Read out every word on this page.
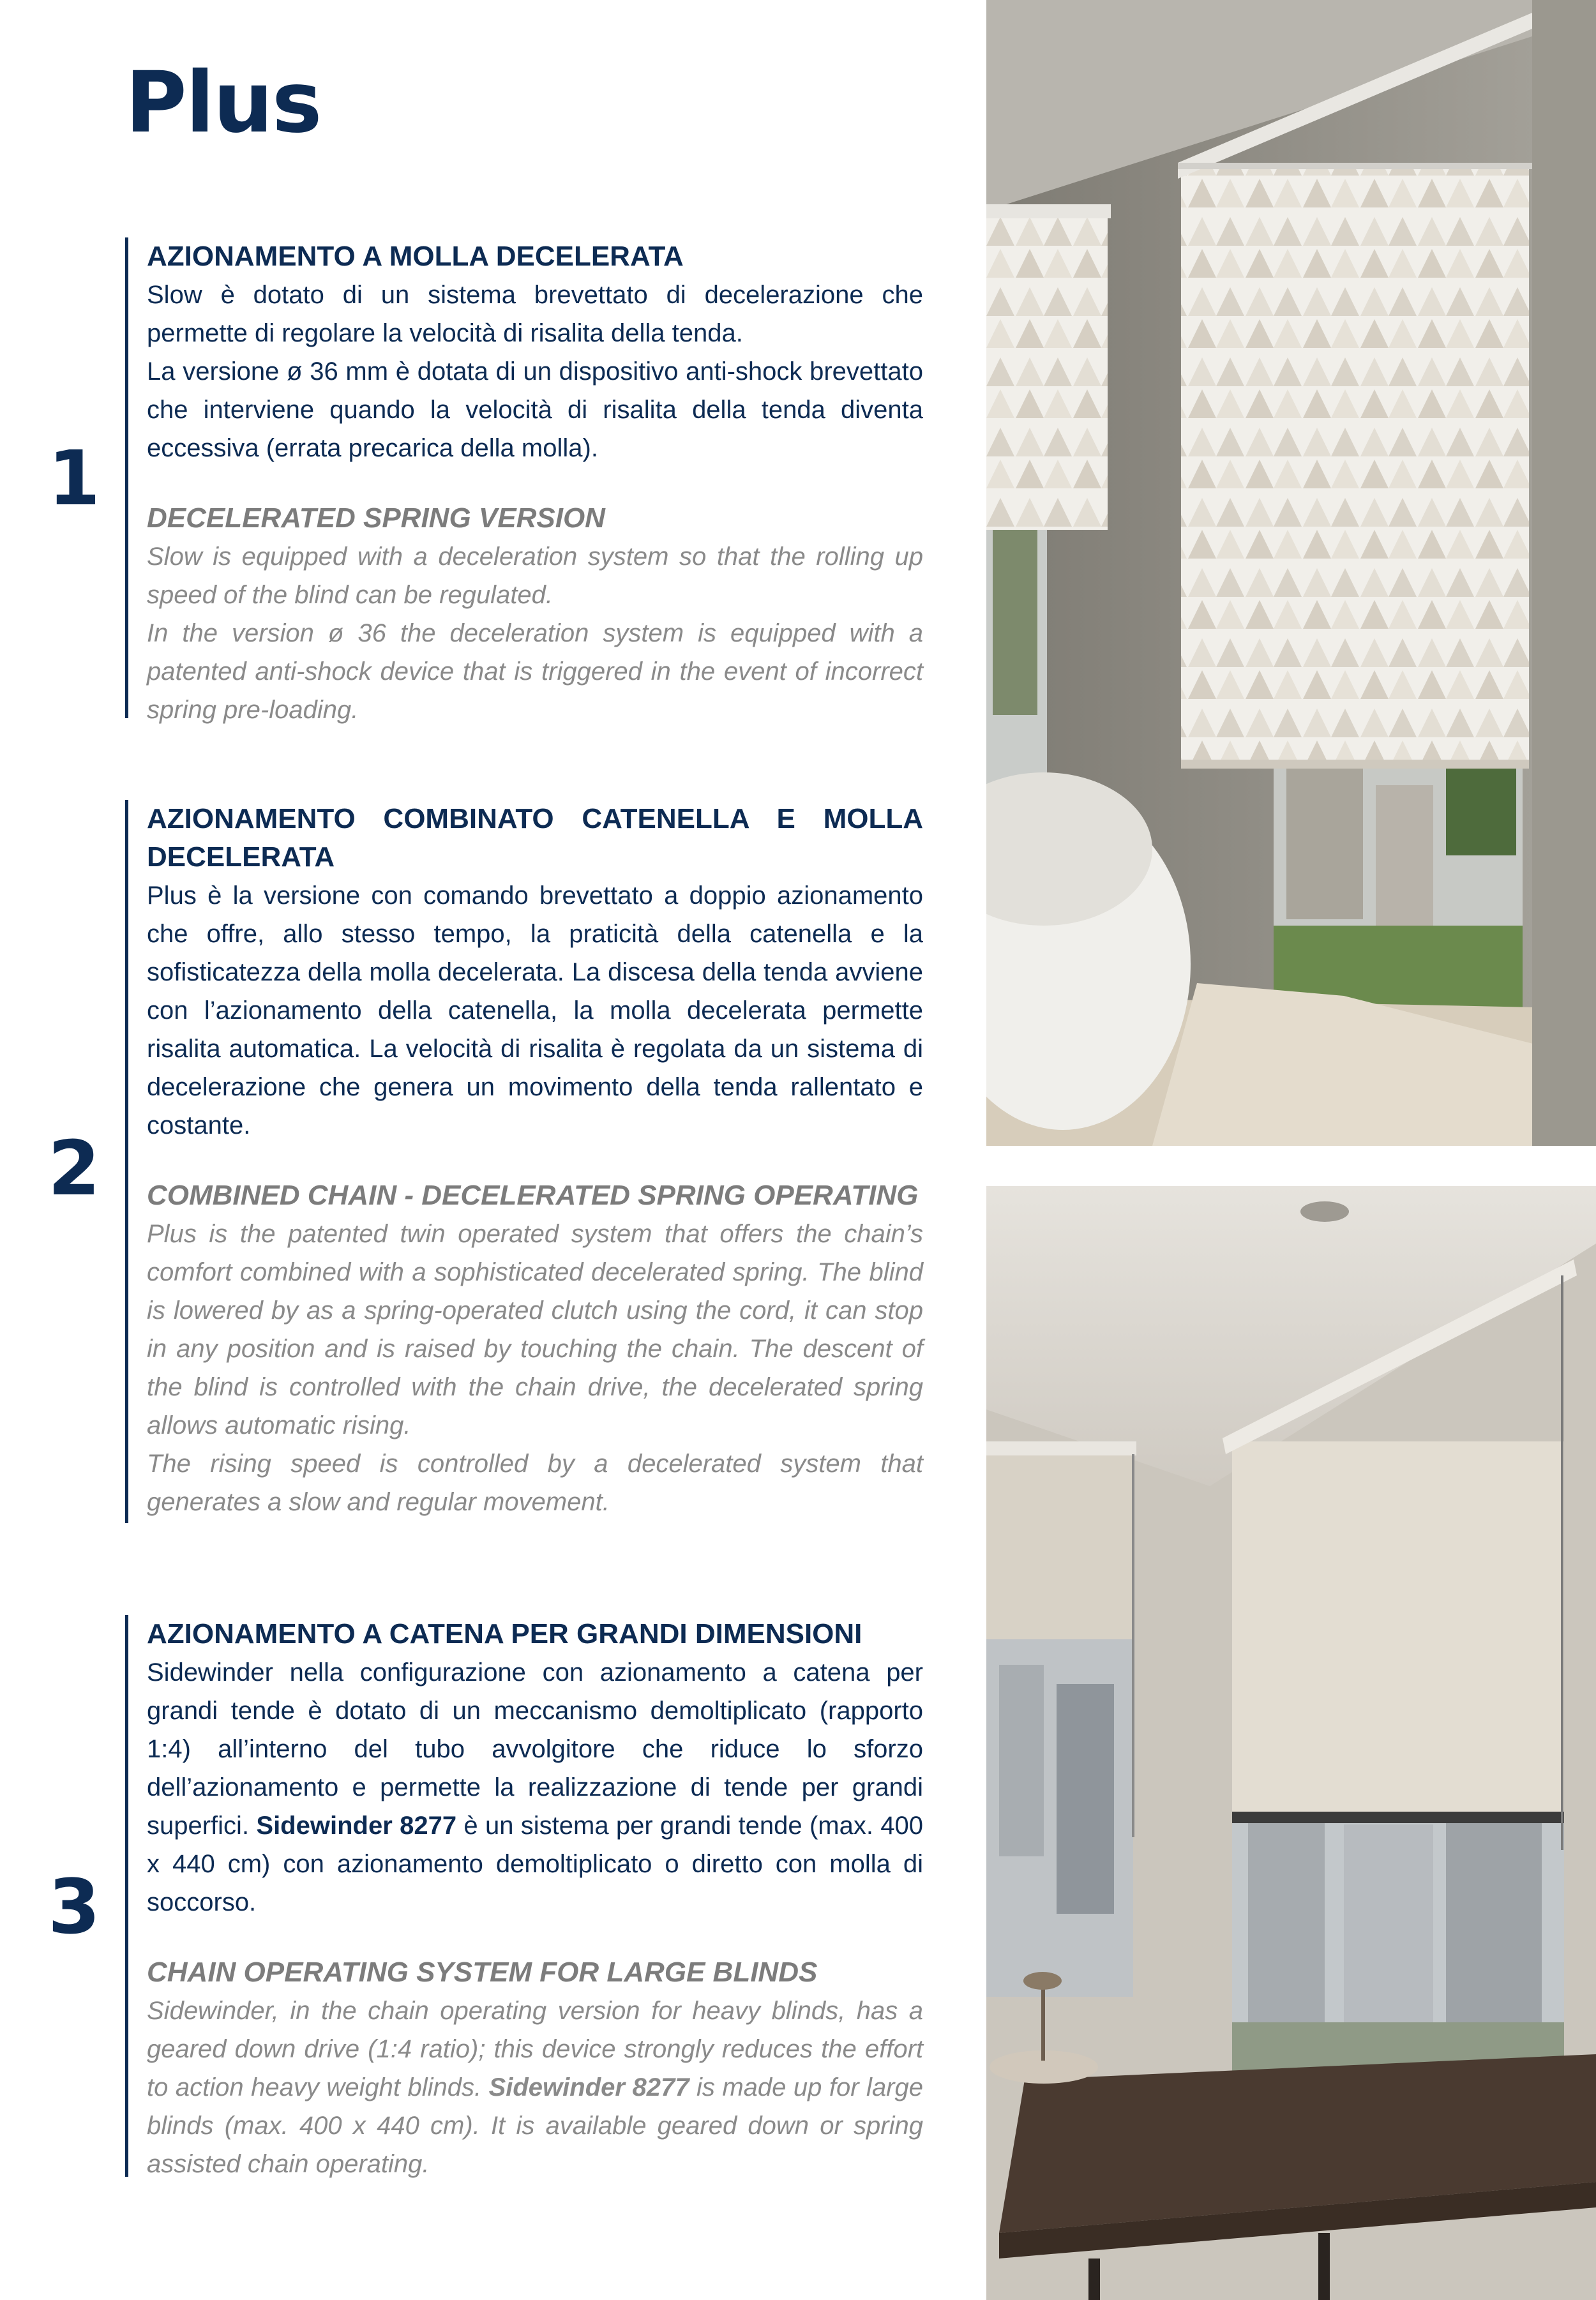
Plus
1

AZIONAMENTO A MOLLA DECELERATA

Slow è dotato di un sistema brevettato di decelerazione che permette di regolare la velocità di risalita della tenda.

La versione ø 36 mm è dotata di un dispositivo anti-shock brevettato che interviene quando la velocità di risalita della tenda diventa eccessiva (errata precarica della molla).

DECELERATED SPRING VERSION

Slow is equipped with a deceleration system so that the rolling up speed of the blind can be regulated.

In the version ø 36 the deceleration system is equipped with a patented anti-shock device that is triggered in the event of incorrect spring pre-loading.

2

AZIONAMENTO COMBINATO CATENELLA E MOLLA DECELERATA

Plus è la versione con comando brevettato a doppio azionamento che offre, allo stesso tempo, la praticità della catenella e la sofisticatezza della molla decelerata. La discesa della tenda avviene con l’azionamento della catenella, la molla decelerata permette risalita automatica. La velocità di risalita è regolata da un sistema di decelerazione che genera un movimento della tenda rallentato e costante.

COMBINED CHAIN - DECELERATED SPRING OPERATING

Plus is the patented twin operated system that offers the chain’s comfort combined with a sophisticated decelerated spring. The blind is lowered by as a spring-operated clutch using the cord, it can stop in any position and is raised by touching the chain. The descent of the blind is controlled with the chain drive, the decelerated spring allows automatic rising.

The rising speed is controlled by a decelerated system that generates a slow and regular movement.

3

AZIONAMENTO A CATENA PER GRANDI DIMENSIONI

Sidewinder nella configurazione con azionamento a catena per grandi tende è dotato di un meccanismo demoltiplicato (rapporto 1:4) all’interno del tubo avvolgitore che riduce lo sforzo dell’azionamento e permette la realizzazione di tende per grandi superfici. Sidewinder 8277 è un sistema per grandi tende (max. 400 x 440 cm) con azionamento demoltiplicato o diretto con molla di soccorso.

CHAIN OPERATING SYSTEM FOR LARGE BLINDS

Sidewinder, in the chain operating version for heavy blinds, has a geared down drive (1:4 ratio); this device strongly reduces the effort to action heavy weight blinds. Sidewinder 8277 is made up for large blinds (max. 400 x 440 cm). It is available geared down or spring assisted chain operating.
